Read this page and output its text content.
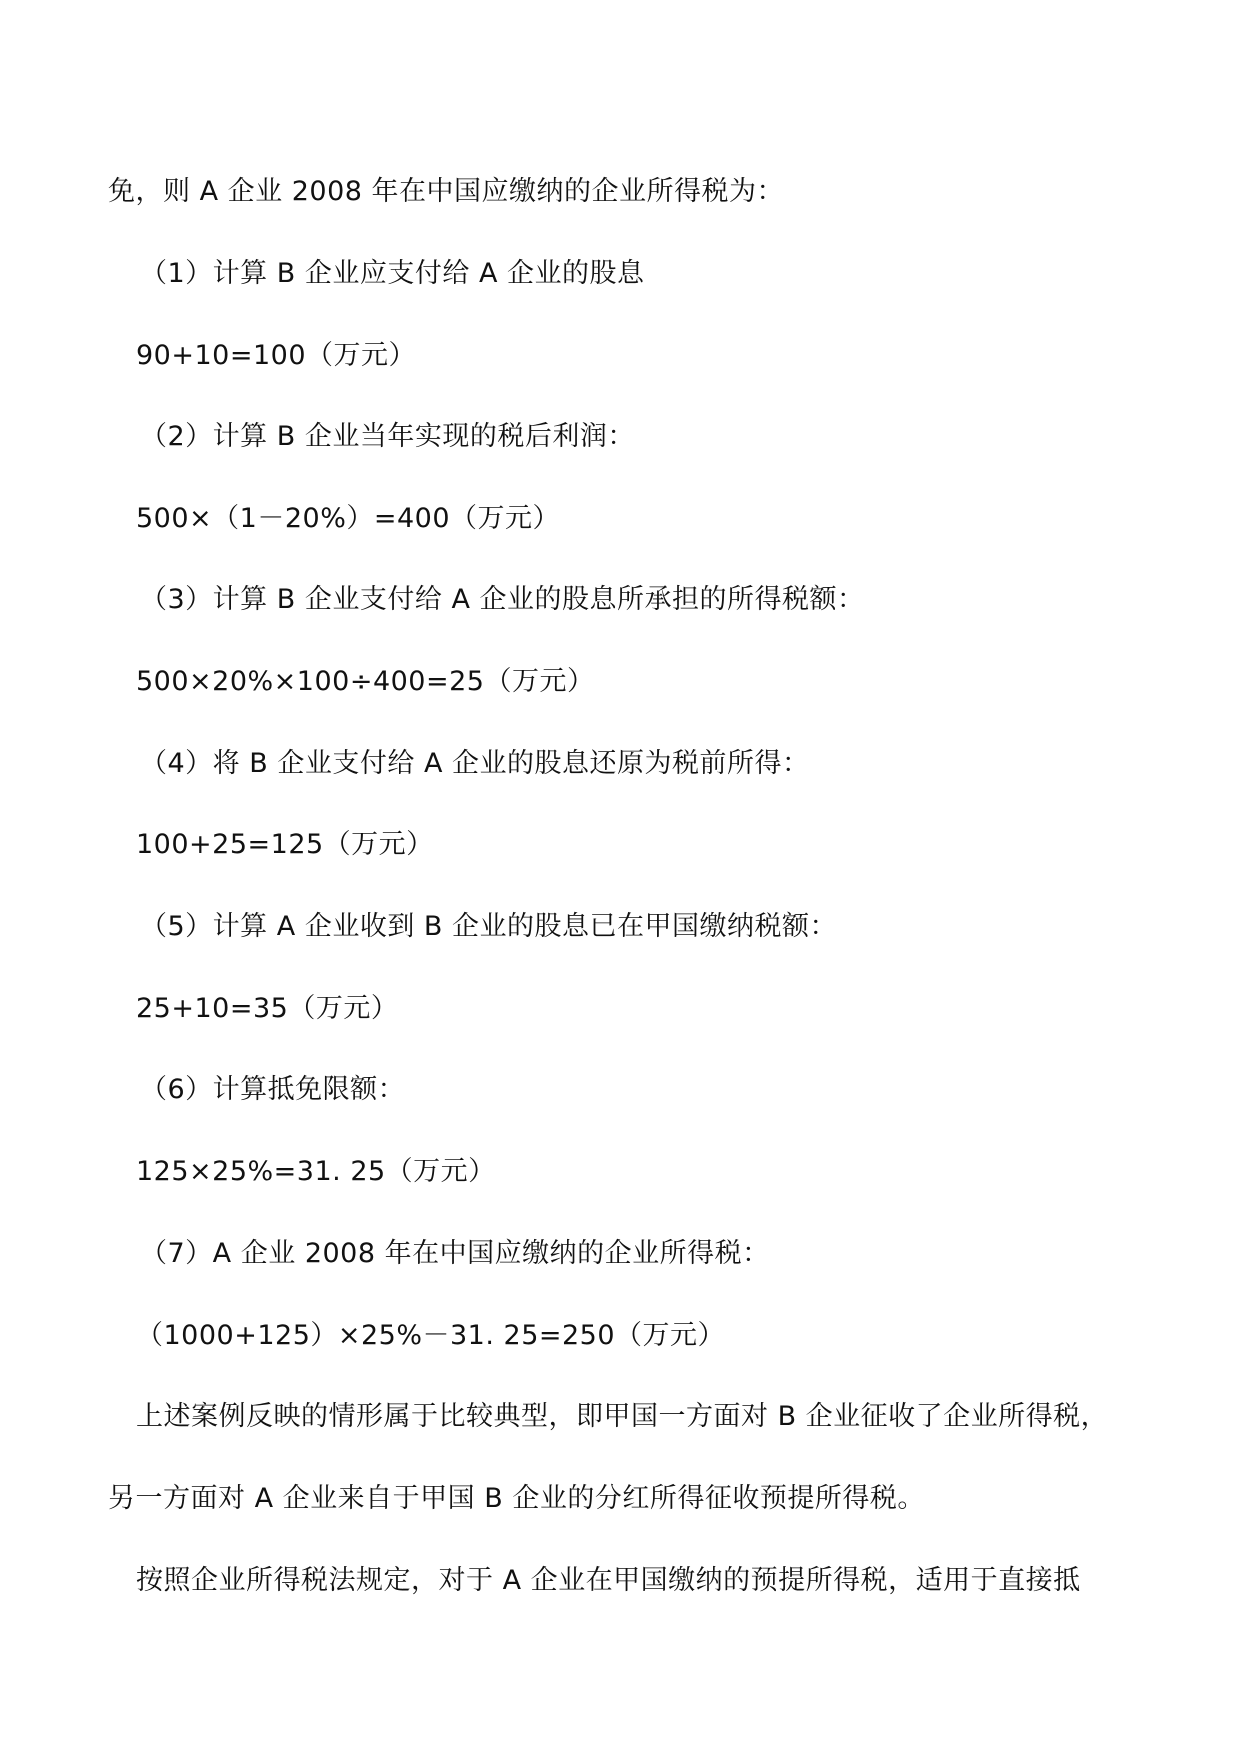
免，则 A 企业 2008 年在中国应缴纳的企业所得税为：
（1）计算 B 企业应支付给 A 企业的股息
90+10=100（万元）
（2）计算 B 企业当年实现的税后利润：
500×（1－20%）=400（万元）
（3）计算 B 企业支付给 A 企业的股息所承担的所得税额：
500×20%×100÷400=25（万元）
（4）将 B 企业支付给 A 企业的股息还原为税前所得：
100+25=125（万元）
（5）计算 A 企业收到 B 企业的股息已在甲国缴纳税额：
25+10=35（万元）
（6）计算抵免限额：
125×25%=31. 25（万元）
（7）A 企业 2008 年在中国应缴纳的企业所得税：
（1000+125）×25%－31. 25=250（万元）
上述案例反映的情形属于比较典型，即甲国一方面对 B 企业征收了企业所得税，
另一方面对 A 企业来自于甲国 B 企业的分红所得征收预提所得税。
按照企业所得税法规定，对于 A 企业在甲国缴纳的预提所得税，适用于直接抵
